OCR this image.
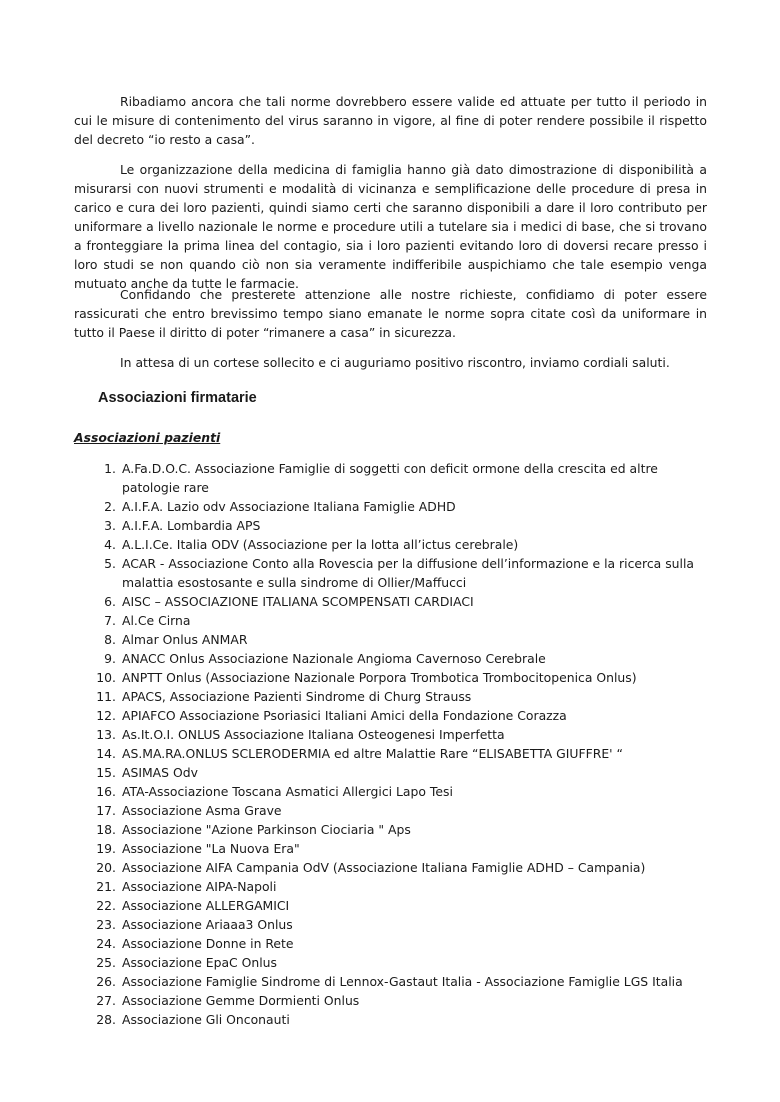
Ribadiamo ancora che tali norme dovrebbero essere valide ed attuate per tutto il periodo in cui le misure di contenimento del virus saranno in vigore, al fine di poter rendere possibile il rispetto del decreto “io resto a casa”.

Le organizzazione della medicina di famiglia hanno già dato dimostrazione di disponibilità a misurarsi con nuovi strumenti e modalità di vicinanza e semplificazione delle procedure di presa in carico e cura dei loro pazienti, quindi siamo certi che saranno disponibili a dare il loro contributo per uniformare a livello nazionale le norme e procedure utili a tutelare sia i medici di base, che si trovano a fronteggiare la prima linea del contagio, sia i loro pazienti evitando loro di doversi recare presso i loro studi se non quando ciò non sia veramente indifferibile auspichiamo che tale esempio venga mutuato anche da tutte le farmacie.

Confidando che presterete attenzione alle nostre richieste, confidiamo di poter essere rassicurati che entro brevissimo tempo siano emanate le norme sopra citate così da uniformare in tutto il Paese il diritto di poter “rimanere a casa” in sicurezza.

In attesa di un cortese sollecito e ci auguriamo positivo riscontro, inviamo cordiali saluti.

Associazioni firmatarie

Associazioni pazienti

1. A.Fa.D.O.C. Associazione Famiglie di soggetti con deficit ormone della crescita ed altre patologie rare
2. A.I.F.A. Lazio odv Associazione Italiana Famiglie ADHD
3. A.I.F.A. Lombardia APS
4. A.L.I.Ce. Italia ODV (Associazione per la lotta all’ictus cerebrale)
5. ACAR - Associazione Conto alla Rovescia per la diffusione dell’informazione e la ricerca sulla malattia esostosante e sulla sindrome di Ollier/Maffucci
6. AISC – ASSOCIAZIONE ITALIANA SCOMPENSATI CARDIACI
7. Al.Ce Cirna
8. Almar Onlus ANMAR
9. ANACC Onlus Associazione Nazionale Angioma Cavernoso Cerebrale
10. ANPTT Onlus (Associazione Nazionale Porpora Trombotica Trombocitopenica Onlus)
11. APACS, Associazione Pazienti Sindrome di Churg Strauss
12. APIAFCO Associazione Psoriasici Italiani Amici della Fondazione Corazza
13. As.It.O.I. ONLUS Associazione Italiana Osteogenesi Imperfetta
14. AS.MA.RA.ONLUS SCLERODERMIA ed altre Malattie Rare “ELISABETTA GIUFFRE' “
15. ASIMAS Odv
16. ATA-Associazione Toscana Asmatici Allergici Lapo Tesi
17. Associazione Asma Grave
18. Associazione "Azione Parkinson Ciociaria " Aps
19. Associazione "La Nuova Era"
20. Associazione AIFA Campania OdV (Associazione Italiana Famiglie ADHD – Campania)
21. Associazione AIPA-Napoli
22. Associazione ALLERGAMICI
23. Associazione Ariaaa3 Onlus
24. Associazione Donne in Rete
25. Associazione EpaC Onlus
26. Associazione Famiglie Sindrome di Lennox-Gastaut Italia - Associazione Famiglie LGS Italia
27. Associazione Gemme Dormienti Onlus
28. Associazione Gli Onconauti
